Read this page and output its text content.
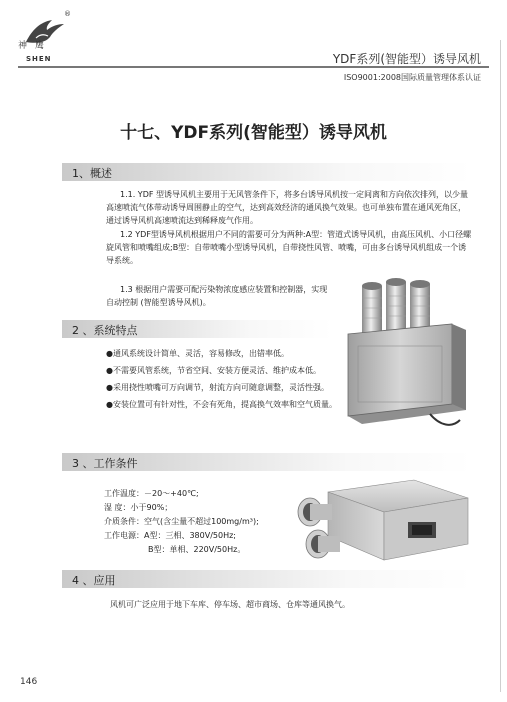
®
神鹰
SHEN	YDF系列(智能型）诱导风机
ISO9001:2008国际质量管理体系认证
十七、YDF系列(智能型）诱导风机
1、概述
1.1. YDF 型诱导风机主要用于无风管条件下，将多台诱导风机按一定间离和方向依次排列，以少量高速喷流气体带动诱导周围静止的空气，达到高效经济的通风换气效果。也可单独布置在通风死角区，通过诱导风机高速喷流达到稀释废气作用。
1.2 YDF型诱导风机根据用户不同的需要可分为两种:A型：管道式诱导风机，由高压风机、小口径螺旋风管和喷嘴组成;B型：自带喷嘴小型诱导风机，自带挠性风管、喷嘴，可由多台诱导风机组成一个诱导系统。
1.3 根据用户需要可配污染物浓度感应装置和控制器，实现自动控制 (智能型诱导风机)。
2 、系统特点
●通风系统设计简单、灵活，容易修改，出错率低。
●不需要风管系统，节省空间、安装方便灵活、维护成本低。
●采用挠性喷嘴可万向调节，射流方向可随意调整，灵活性强。
●安装位置可有针对性，不会有死角，提高换气效率和空气质量。
3 、工作条件
工作温度：－20～+40℃;
湿 度：小于90%；
介质条件：空气(含尘量不超过100mg/m³);
工作电源：A型：三相、380V/50Hz;
B型：单相、220V/50Hz。
4 、应用
风机可广泛应用于地下车库、停车场、超市商场、仓库等通风换气。
146
